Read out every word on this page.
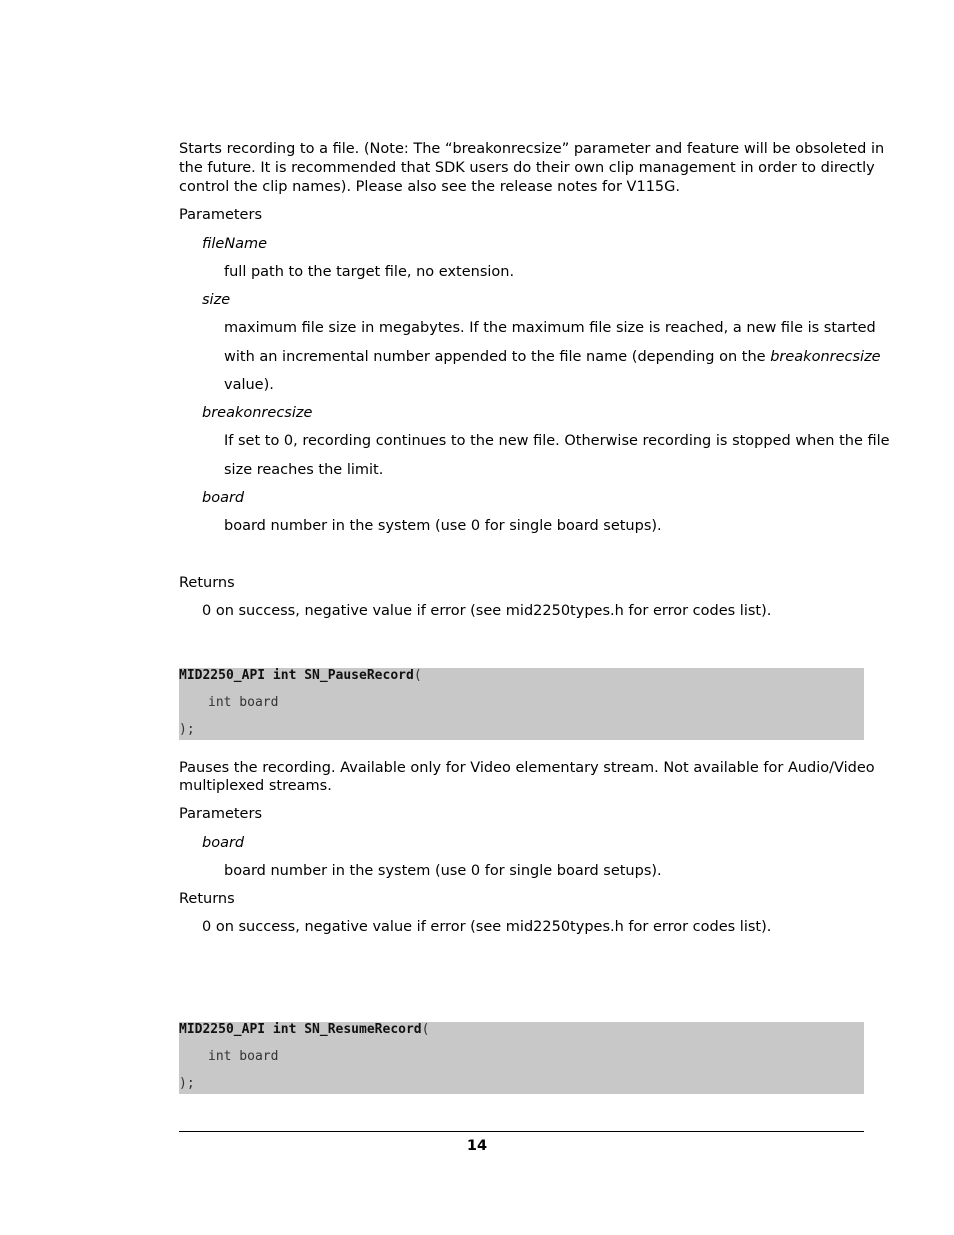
Starts recording to a file. (Note: The “breakonrecsize” parameter and feature will be obsoleted in
the future. It is recommended that SDK users do their own clip management in order to directly
control the clip names). Please also see the release notes for V115G.
Parameters
fileName
full path to the target file, no extension.
size
maximum file size in megabytes. If the maximum file size is reached, a new file is started
with an incremental number appended to the file name (depending on the breakonrecsize
value).
breakonrecsize
If set to 0, recording continues to the new file. Otherwise recording is stopped when the file
size reaches the limit.
board
board number in the system (use 0 for single board setups).
Returns
0 on success, negative value if error (see mid2250types.h for error codes list).
MID2250_API int SN_PauseRecord(
int board
);
Pauses the recording. Available only for Video elementary stream. Not available for Audio/Video
multiplexed streams.
Parameters
board
board number in the system (use 0 for single board setups).
Returns
0 on success, negative value if error (see mid2250types.h for error codes list).
MID2250_API int SN_ResumeRecord(
int board
);
14
